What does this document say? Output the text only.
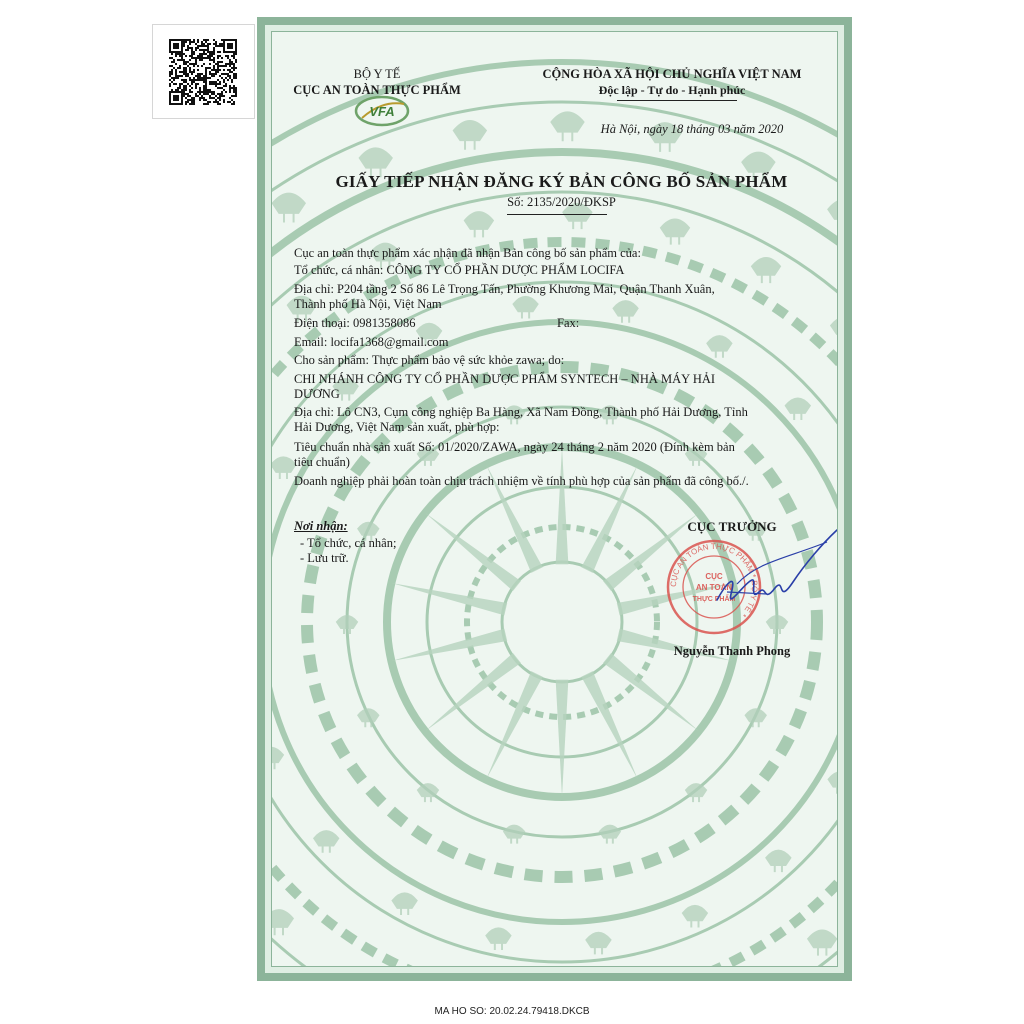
BỘ Y TẾ
CỤC AN TOÀN THỰC PHẨM
VFA
CỘNG HÒA XÃ HỘI CHỦ NGHĨA VIỆT NAM
Độc lập - Tự do - Hạnh phúc
Hà Nội, ngày 18 tháng 03 năm 2020
GIẤY TIẾP NHẬN ĐĂNG KÝ BẢN CÔNG BỐ SẢN PHẨM
Số: 2135/2020/ĐKSP
Cục an toàn thực phẩm xác nhận đã nhận Bản công bố sản phẩm của:
Tổ chức, cá nhân: CÔNG TY CỔ PHẦN DƯỢC PHẨM LOCIFA
Địa chỉ: P204 tầng 2 Số 86 Lê Trọng Tấn, Phường Khương Mai, Quận Thanh Xuân,
Thành phố Hà Nội, Việt Nam
Điện thoại: 0981358086	Fax:
Email: locifa1368@gmail.com
Cho sản phẩm: Thực phẩm bảo vệ sức khỏe zawa; do:
CHI NHÁNH CÔNG TY CỔ PHẦN DƯỢC PHẨM SYNTECH – NHÀ MÁY HẢI
DƯƠNG
Địa chỉ: Lô CN3, Cụm công nghiệp Ba Hàng, Xã Nam Đồng, Thành phố Hải Dương, Tỉnh
Hải Dương, Việt Nam sản xuất, phù hợp:
Tiêu chuẩn nhà sản xuất Số: 01/2020/ZAWA, ngày 24 tháng 2 năm 2020 (Đính kèm bản
tiêu chuẩn)
Doanh nghiệp phải hoàn toàn chịu trách nhiệm về tính phù hợp của sản phẩm đã công bố./.
Nơi nhận:
- Tổ chức, cá nhân;
- Lưu trữ.
CỤC TRƯỞNG
CỤC AN TOÀN THỰC PHẨM * BỘ Y TẾ *
CỤC
AN TOÀN
THỰC PHẨM
Nguyễn Thanh Phong
MA HO SO: 20.02.24.79418.DKCB
